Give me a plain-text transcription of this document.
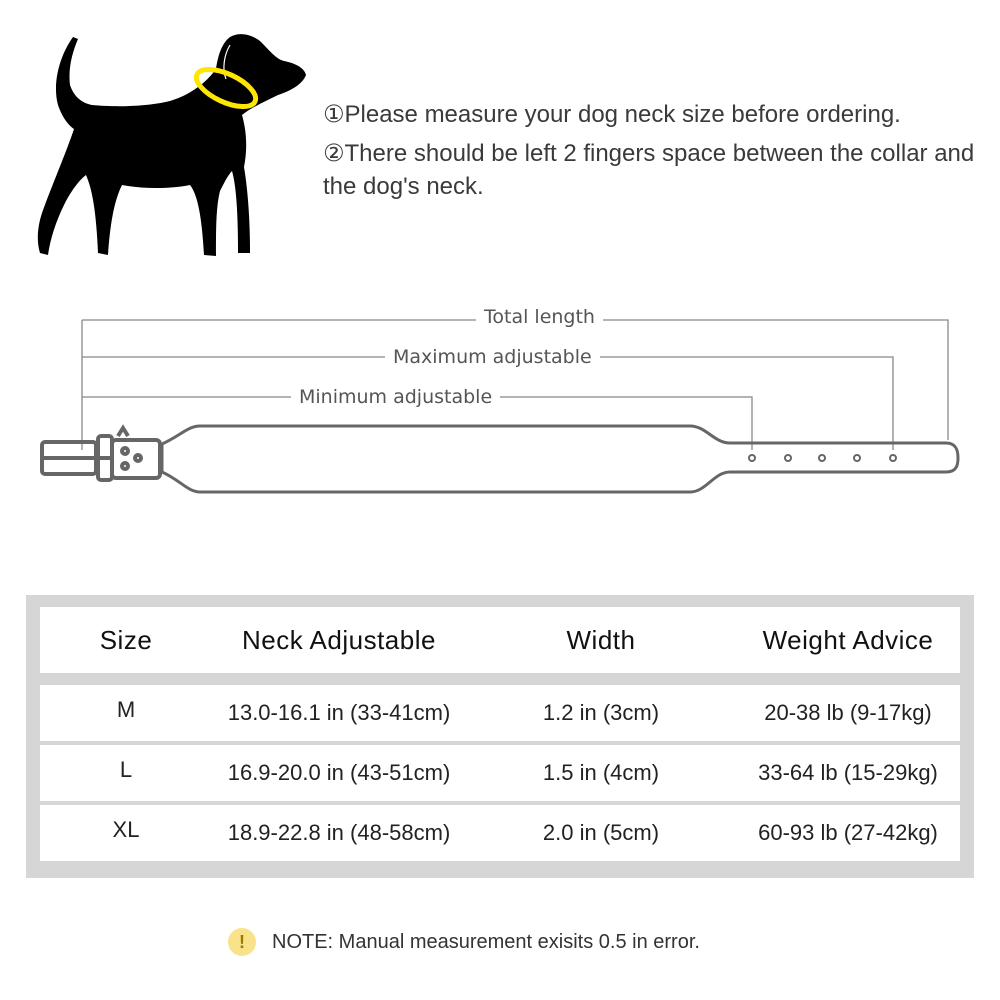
①Please measure your dog neck size before ordering.

②There should be left 2 fingers space between the collar and the dog's neck.

Total length
Maximum adjustable
Minimum adjustable
Size	Neck Adjustable	Width	Weight Advice
M	13.0-16.1 in (33-41cm)	1.2 in (3cm)	20-38 lb (9-17kg)
L	16.9-20.0 in (43-51cm)	1.5 in (4cm)	33-64 lb (15-29kg)
XL	18.9-22.8 in (48-58cm)	2.0 in (5cm)	60-93 lb (27-42kg)
!	NOTE: Manual measurement exisits 0.5 in error.
